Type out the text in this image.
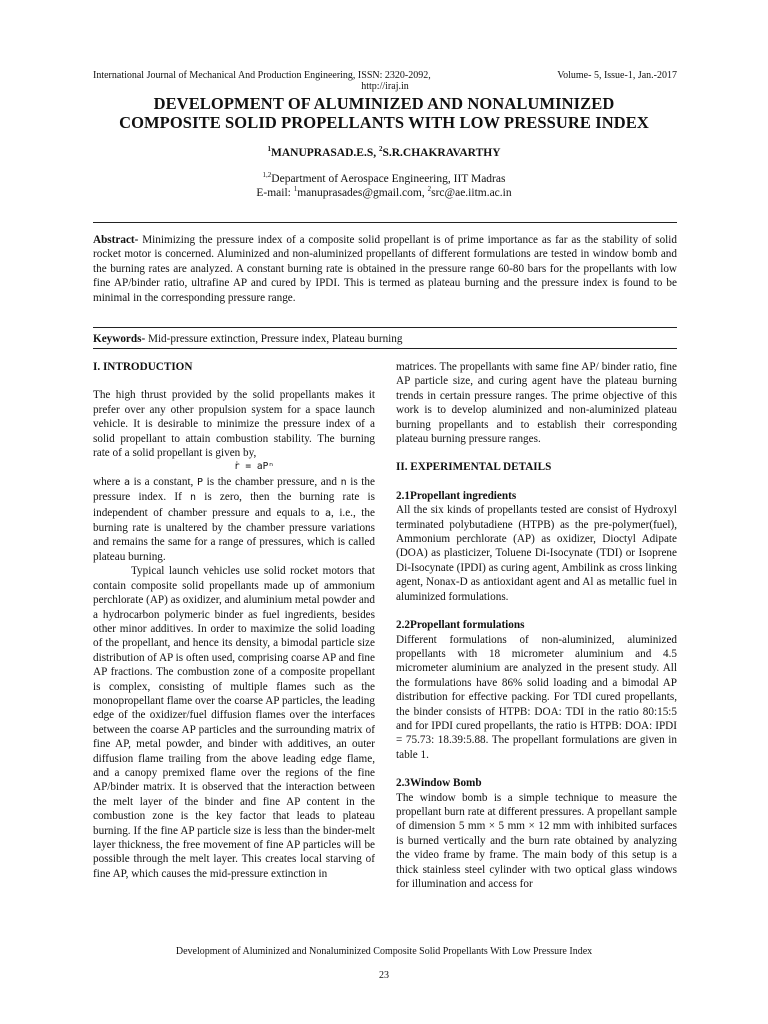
International Journal of Mechanical And Production Engineering, ISSN: 2320-2092,	Volume- 5, Issue-1, Jan.-2017
http://iraj.in
DEVELOPMENT OF ALUMINIZED AND NONALUMINIZED
COMPOSITE SOLID PROPELLANTS WITH LOW PRESSURE INDEX
$^1$MANUPRASAD.E.S, $^2$S.R.CHAKRAVARTHY
$^{1,2}$Department of Aerospace Engineering, IIT Madras
E-mail: $^1$manuprasades@gmail.com, $^2$src@ae.iitm.ac.in
Abstract- Minimizing the pressure index of a composite solid propellant is of prime importance as far as the stability of solid rocket motor is concerned. Aluminized and non-aluminized propellants of different formulations are tested in window bomb and the burning rates are analyzed. A constant burning rate is obtained in the pressure range 60-80 bars for the propellants with low fine AP/binder ratio, ultrafine AP and cured by IPDI. This is termed as plateau burning and the pressure index is found to be minimal in the corresponding pressure range.
Keywords- Mid-pressure extinction, Pressure index, Plateau burning
I. INTRODUCTION

The high thrust provided by the solid propellants makes it prefer over any other propulsion system for a space launch vehicle. It is desirable to minimize the pressure index of a solid propellant to attain combustion stability. The burning rate of a solid propellant is given by,

ṙ = aPⁿ

where a is a constant, P is the chamber pressure, and n is the pressure index. If n is zero, then the burning rate is independent of chamber pressure and equals to a, i.e., the burning rate is unaltered by the chamber pressure variations and remains the same for a range of pressures, which is called plateau burning.

Typical launch vehicles use solid rocket motors that contain composite solid propellants made up of ammonium perchlorate (AP) as oxidizer, and aluminium metal powder and a hydrocarbon polymeric binder as fuel ingredients, besides other minor additives. In order to maximize the solid loading of the propellant, and hence its density, a bimodal particle size distribution of AP is often used, comprising coarse AP and fine AP fractions. The combustion zone of a composite propellant is complex, consisting of multiple flames such as the monopropellant flame over the coarse AP particles, the leading edge of the oxidizer/fuel diffusion flames over the interfaces between the coarse AP particles and the surrounding matrix of fine AP, metal powder, and binder with additives, an outer diffusion flame trailing from the above leading edge flame, and a canopy premixed flame over the regions of the fine AP/binder matrix. It is observed that the interaction between the melt layer of the binder and fine AP content in the combustion zone is the key factor that leads to plateau burning. If the fine AP particle size is less than the binder-melt layer thickness, the free movement of fine AP particles will be possible through the melt layer. This creates local starving of fine AP, which causes the mid-pressure extinction in

matrices. The propellants with same fine AP/ binder ratio, fine AP particle size, and curing agent have the plateau burning trends in certain pressure ranges. The prime objective of this work is to develop aluminized and non-aluminized plateau burning propellants and to establish their corresponding plateau burning pressure ranges.

II. EXPERIMENTAL DETAILS
2.1Propellant ingredients

All the six kinds of propellants tested are consist of Hydroxyl terminated polybutadiene (HTPB) as the pre-polymer(fuel), Ammonium perchlorate (AP) as oxidizer, Dioctyl Adipate (DOA) as plasticizer, Toluene Di-Isocynate (TDI) or Isoprene Di-Isocynate (IPDI) as curing agent, Ambilink as cross linking agent, Nonax-D as antioxidant agent and Al as metallic fuel in aluminized formulations.

2.2Propellant formulations

Different formulations of non-aluminized, aluminized propellants with 18 micrometer aluminium and 4.5 micrometer aluminium are analyzed in the present study. All the formulations have 86% solid loading and a bimodal AP distribution for effective packing. For TDI cured propellants, the binder consists of HTPB: DOA: TDI in the ratio 80:15:5 and for IPDI cured propellants, the ratio is HTPB: DOA: IPDI = 75.73: 18.39:5.88. The propellant formulations are given in table 1.

2.3Window Bomb

The window bomb is a simple technique to measure the propellant burn rate at different pressures. A propellant sample of dimension 5 mm × 5 mm × 12 mm with inhibited surfaces is burned vertically and the burn rate obtained by analyzing the video frame by frame. The main body of this setup is a thick stainless steel cylinder with two optical glass windows for illumination and access for

Development of Aluminized and Nonaluminized Composite Solid Propellants With Low Pressure Index
23
